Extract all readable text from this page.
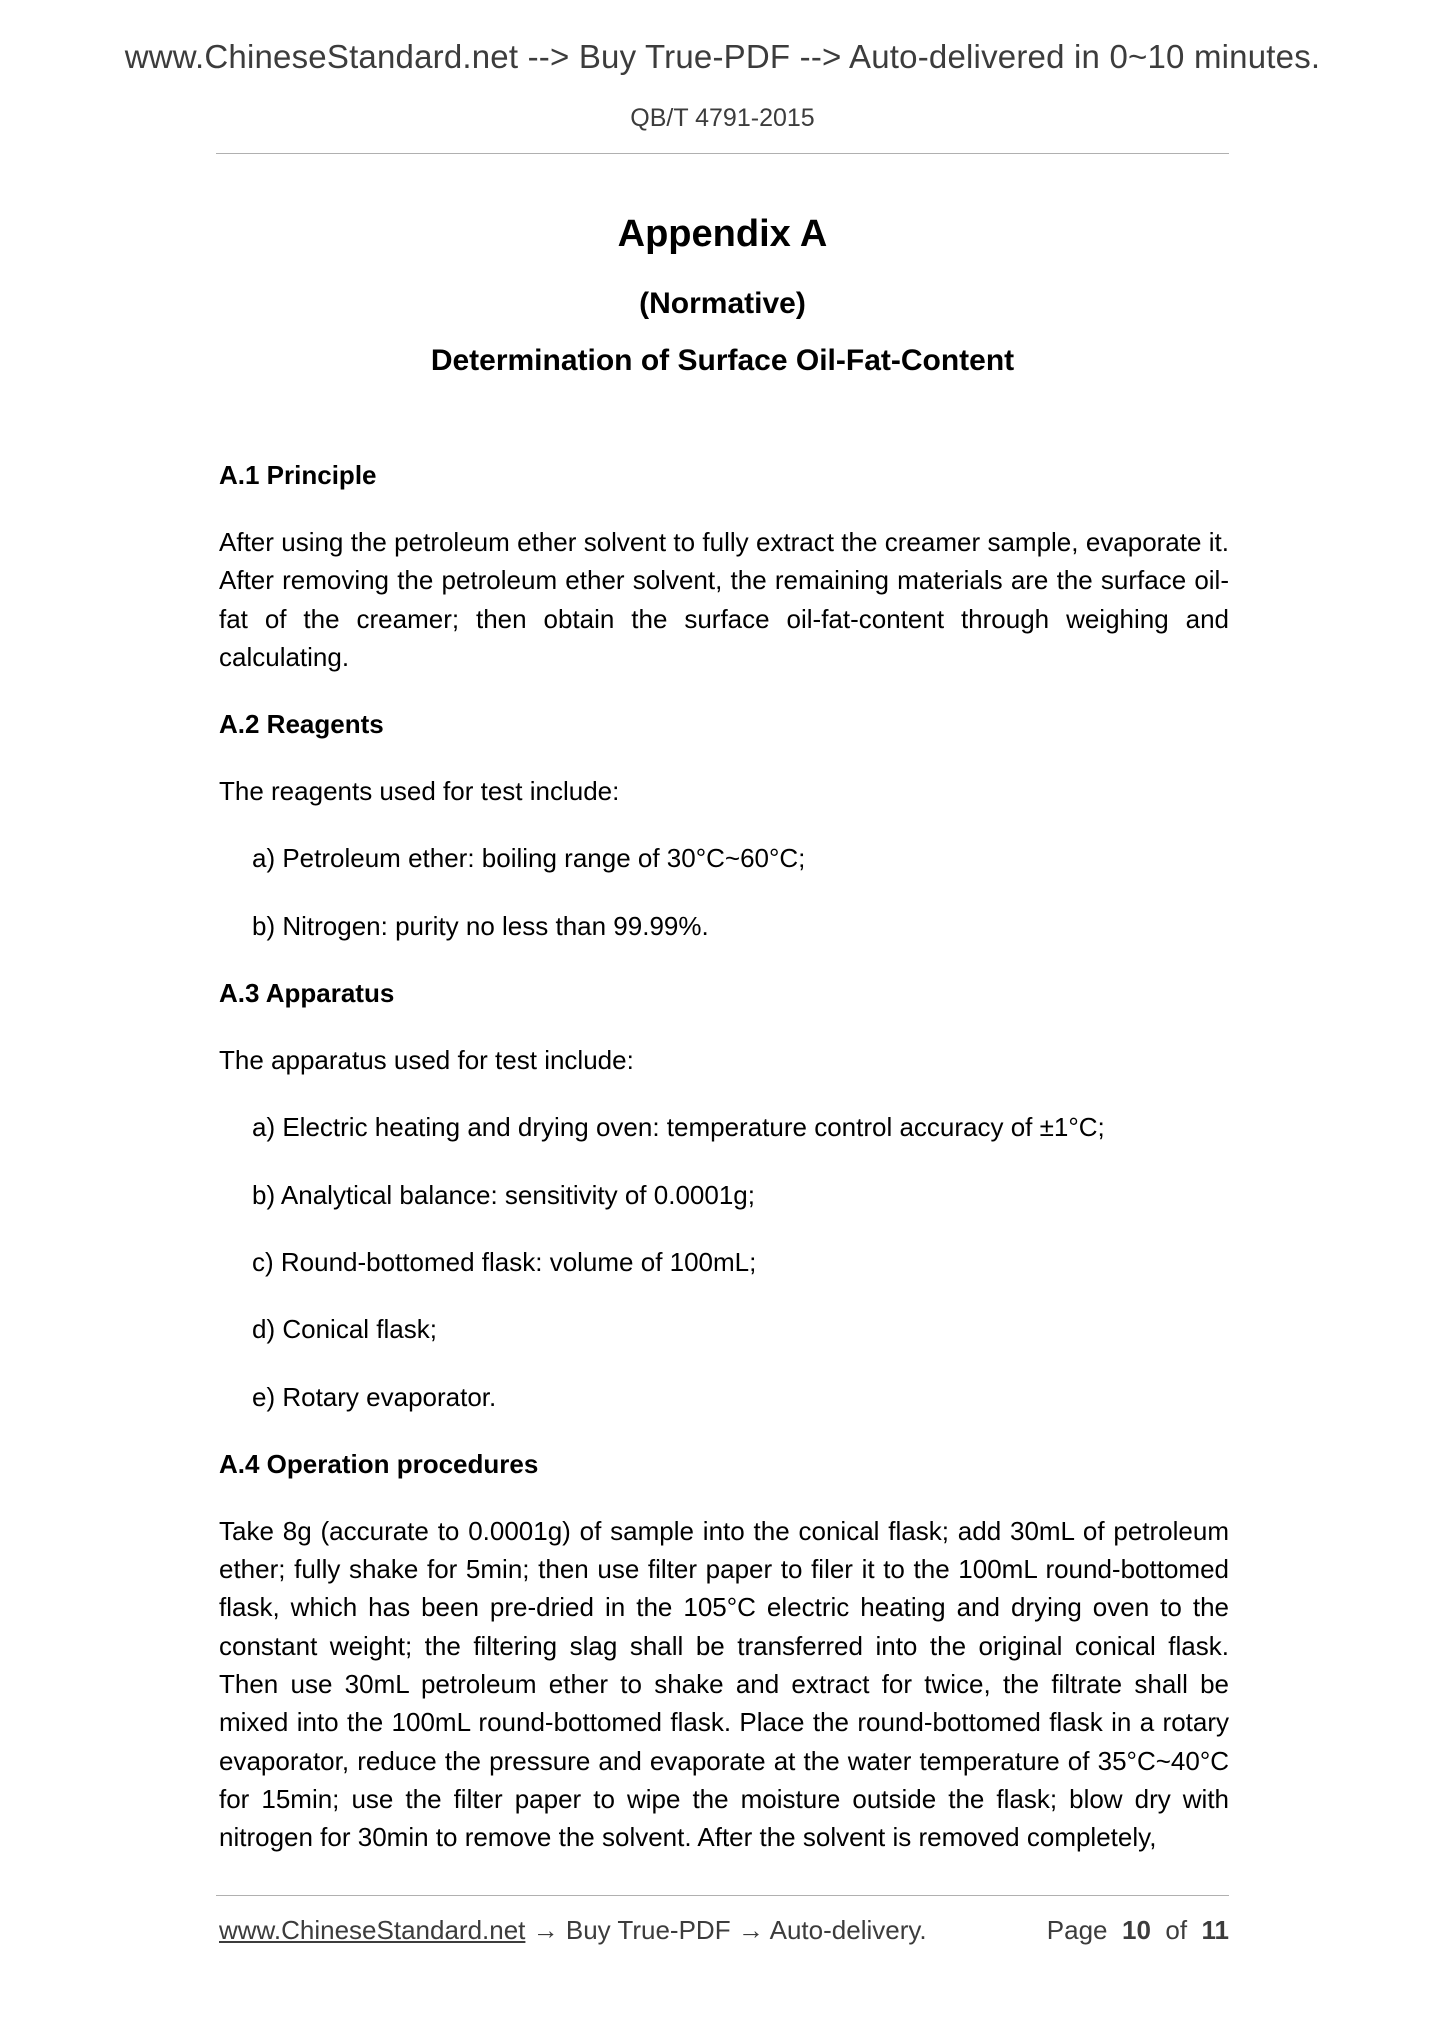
www.ChineseStandard.net --> Buy True-PDF --> Auto-delivered in 0~10 minutes.
QB/T 4791-2015
Appendix A
(Normative)
Determination of Surface Oil-Fat-Content
A.1 Principle

After using the petroleum ether solvent to fully extract the creamer sample, evaporate it. After removing the petroleum ether solvent, the remaining materials are the surface oil-fat of the creamer; then obtain the surface oil-fat-content through weighing and calculating.

A.2 Reagents

The reagents used for test include:

a) Petroleum ether: boiling range of 30°C~60°C;

b) Nitrogen: purity no less than 99.99%.

A.3 Apparatus

The apparatus used for test include:

a) Electric heating and drying oven: temperature control accuracy of ±1°C;

b) Analytical balance: sensitivity of 0.0001g;

c) Round-bottomed flask: volume of 100mL;

d) Conical flask;

e) Rotary evaporator.

A.4 Operation procedures

Take 8g (accurate to 0.0001g) of sample into the conical flask; add 30mL of petroleum ether; fully shake for 5min; then use filter paper to filer it to the 100mL round-bottomed flask, which has been pre-dried in the 105°C electric heating and drying oven to the constant weight; the filtering slag shall be transferred into the original conical flask. Then use 30mL petroleum ether to shake and extract for twice, the filtrate shall be mixed into the 100mL round-bottomed flask. Place the round-bottomed flask in a rotary evaporator, reduce the pressure and evaporate at the water temperature of 35°C~40°C for 15min; use the filter paper to wipe the moisture outside the flask; blow dry with nitrogen for 30min to remove the solvent. After the solvent is removed completely,

www.ChineseStandard.net → Buy True-PDF → Auto-delivery.	Page 10 of 11
